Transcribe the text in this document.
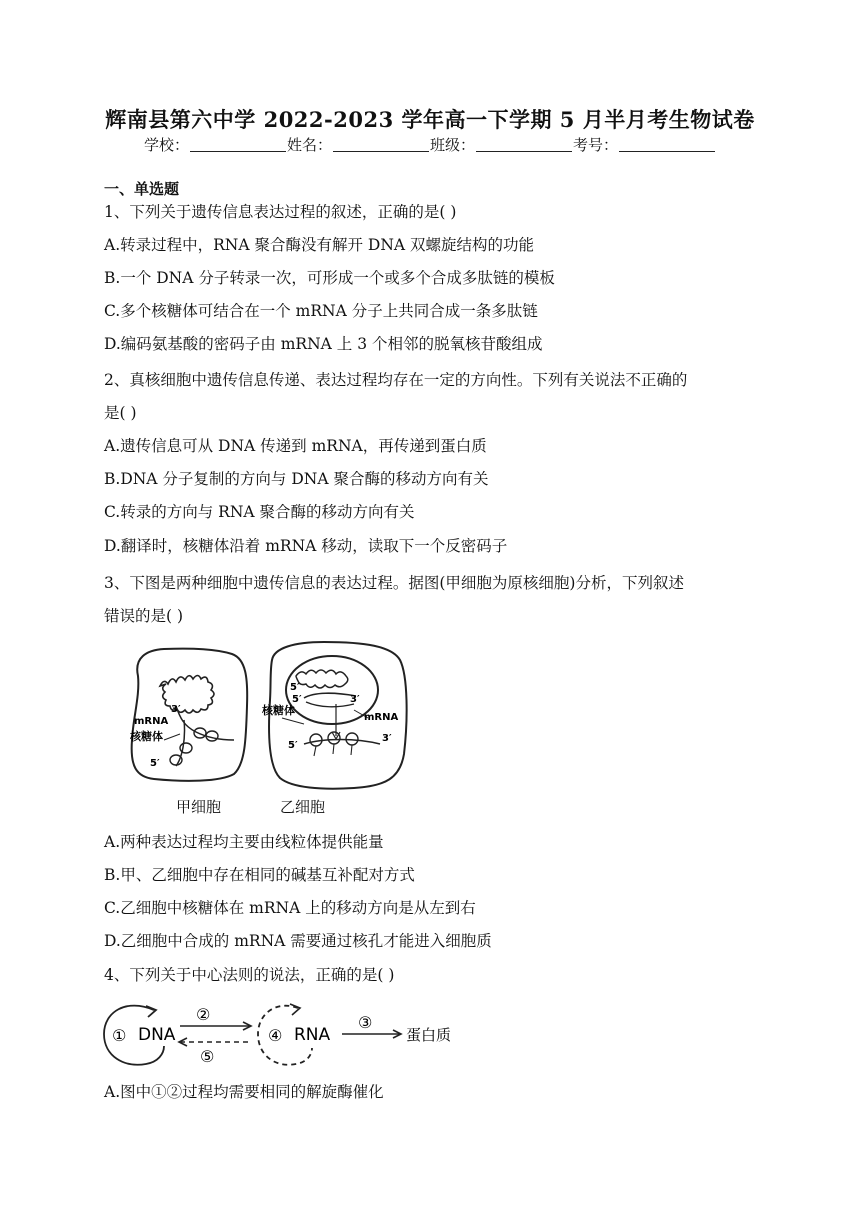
辉南县第六中学 2022-2023 学年高一下学期 5 月半月考生物试卷
学校：	姓名：	班级：	考号：
一、单选题
1、下列关于遗传信息表达过程的叙述，正确的是( )
A.转录过程中，RNA 聚合酶没有解开 DNA 双螺旋结构的功能
B.一个 DNA 分子转录一次，可形成一个或多个合成多肽链的模板
C.多个核糖体可结合在一个 mRNA 分子上共同合成一条多肽链
D.编码氨基酸的密码子由 mRNA 上 3 个相邻的脱氧核苷酸组成
2、真核细胞中遗传信息传递、表达过程均存在一定的方向性。下列有关说法不正确的
是( )
A.遗传信息可从 DNA 传递到 mRNA，再传递到蛋白质
B.DNA 分子复制的方向与 DNA 聚合酶的移动方向有关
C.转录的方向与 RNA 聚合酶的移动方向有关
D.翻译时，核糖体沿着 mRNA 移动，读取下一个反密码子
3、下图是两种细胞中遗传信息的表达过程。据图(甲细胞为原核细胞)分析，下列叙述
错误的是( )
3′
mRNA
核糖体
5′
5′
5′	3′
核糖体
mRNA
5′
3′
甲细胞	乙细胞
A.两种表达过程均主要由线粒体提供能量
B.甲、乙细胞中存在相同的碱基互补配对方式
C.乙细胞中核糖体在 mRNA 上的移动方向是从左到右
D.乙细胞中合成的 mRNA 需要通过核孔才能进入细胞质
4、下列关于中心法则的说法，正确的是( )
① DNA
②
⑤
④ RNA
③
蛋白质
A.图中①②过程均需要相同的解旋酶催化
